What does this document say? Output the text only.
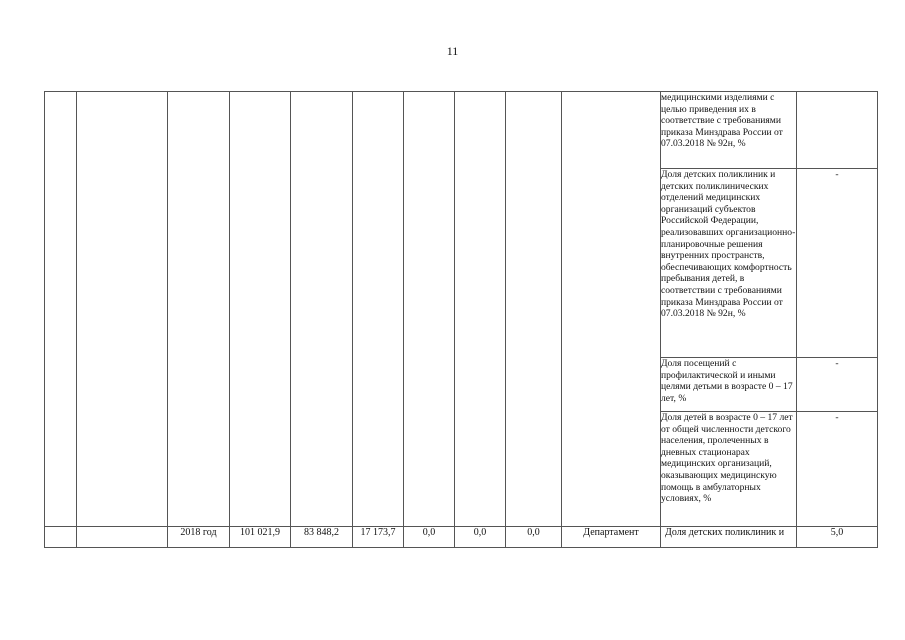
11

										медицинскими изделиями с целью приведения их в соответствие с требованиями приказа Минздрава России от 07.03.2018 № 92н, %	

										Доля детских поликлиник и детских поликлинических отделений медицинских организаций субъектов Российской Федерации, реализовавших организационно-планировочные решения внутренних пространств, обеспечивающих комфортность пребывания детей, в соответствии с требованиями приказа Минздрава России от 07.03.2018 № 92н, %	-

										Доля посещений с профилактической и иными целями детьми в возрасте 0 – 17 лет, %	-

										Доля детей в возрасте 0 – 17 лет от общей численности детского населения, пролеченных в дневных стационарах медицинских организаций, оказывающих медицинскую помощь в амбулаторных условиях, %	-
		2018 год	101 021,9	83 848,2	17 173,7	0,0	0,0	0,0	Департамент	Доля детских поликлиник и	5,0
